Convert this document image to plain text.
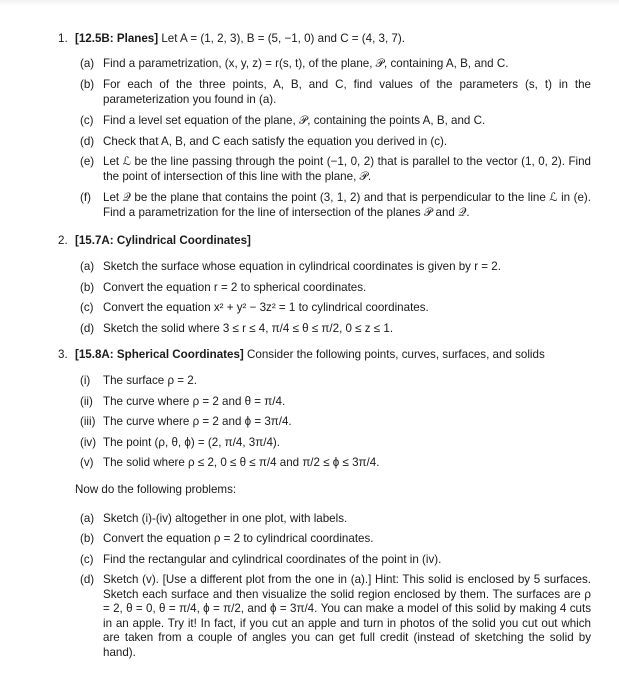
1. [12.5B: Planes] Let A = (1, 2, 3), B = (5, −1, 0) and C = (4, 3, 7).
(a) Find a parametrization, (x, y, z) = r(s, t), of the plane, 𝒫, containing A, B, and C.
(b) For each of the three points, A, B, and C, find values of the parameters (s, t) in the parameterization you found in (a).
(c) Find a level set equation of the plane, 𝒫, containing the points A, B, and C.
(d) Check that A, B, and C each satisfy the equation you derived in (c).
(e) Let ℒ be the line passing through the point (−1, 0, 2) that is parallel to the vector (1, 0, 2). Find the point of intersection of this line with the plane, 𝒫.
(f) Let 𝒬 be the plane that contains the point (3, 1, 2) and that is perpendicular to the line ℒ in (e). Find a parametrization for the line of intersection of the planes 𝒫 and 𝒬.
2. [15.7A: Cylindrical Coordinates]
(a) Sketch the surface whose equation in cylindrical coordinates is given by r = 2.
(b) Convert the equation r = 2 to spherical coordinates.
(c) Convert the equation x² + y² − 3z² = 1 to cylindrical coordinates.
(d) Sketch the solid where 3 ≤ r ≤ 4, π/4 ≤ θ ≤ π/2, 0 ≤ z ≤ 1.
3. [15.8A: Spherical Coordinates] Consider the following points, curves, surfaces, and solids
(i) The surface ρ = 2.
(ii) The curve where ρ = 2 and θ = π/4.
(iii) The curve where ρ = 2 and ϕ = 3π/4.
(iv) The point (ρ, θ, ϕ) = (2, π/4, 3π/4).
(v) The solid where ρ ≤ 2, 0 ≤ θ ≤ π/4 and π/2 ≤ ϕ ≤ 3π/4.
Now do the following problems:
(a) Sketch (i)-(iv) altogether in one plot, with labels.
(b) Convert the equation ρ = 2 to cylindrical coordinates.
(c) Find the rectangular and cylindrical coordinates of the point in (iv).
(d) Sketch (v). [Use a different plot from the one in (a).] Hint: This solid is enclosed by 5 surfaces. Sketch each surface and then visualize the solid region enclosed by them. The surfaces are ρ = 2, θ = 0, θ = π/4, ϕ = π/2, and ϕ = 3π/4. You can make a model of this solid by making 4 cuts in an apple. Try it! In fact, if you cut an apple and turn in photos of the solid you cut out which are taken from a couple of angles you can get full credit (instead of sketching the solid by hand).
